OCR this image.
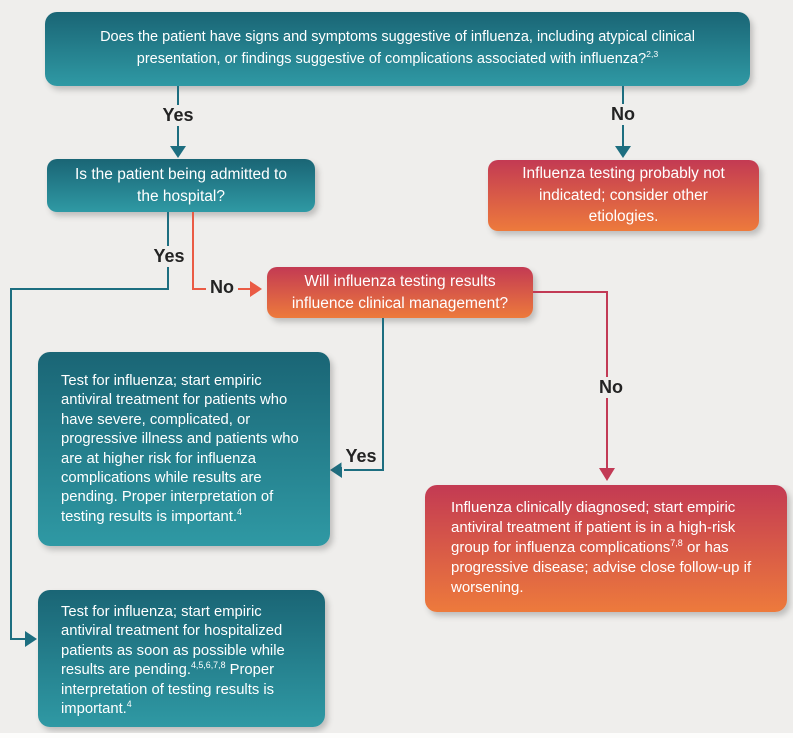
Does the patient have signs and symptoms suggestive of influenza, including atypical clinical presentation, or findings suggestive of complications associated with influenza?$^{2,3}$
Yes	No
Is the patient being admitted to the hospital?
Influenza testing probably not indicated; consider other etiologies.
Yes
No	Will influenza testing results influence clinical management?
Yes
No
Test for influenza; start empiric antiviral treatment for patients who have severe, complicated, or progressive illness and patients who are at higher risk for influenza complications while results are pending. Proper interpretation of testing results is important.$^4$	Influenza clinically diagnosed; start empiric antiviral treatment if patient is in a high-risk group for influenza complications$^{7,8}$ or has progressive disease; advise close follow-up if worsening.
Test for influenza; start empiric antiviral treatment for hospitalized patients as soon as possible while results are pending.$^{4,5,6,7,8}$ Proper interpretation of testing results is important.$^4$
